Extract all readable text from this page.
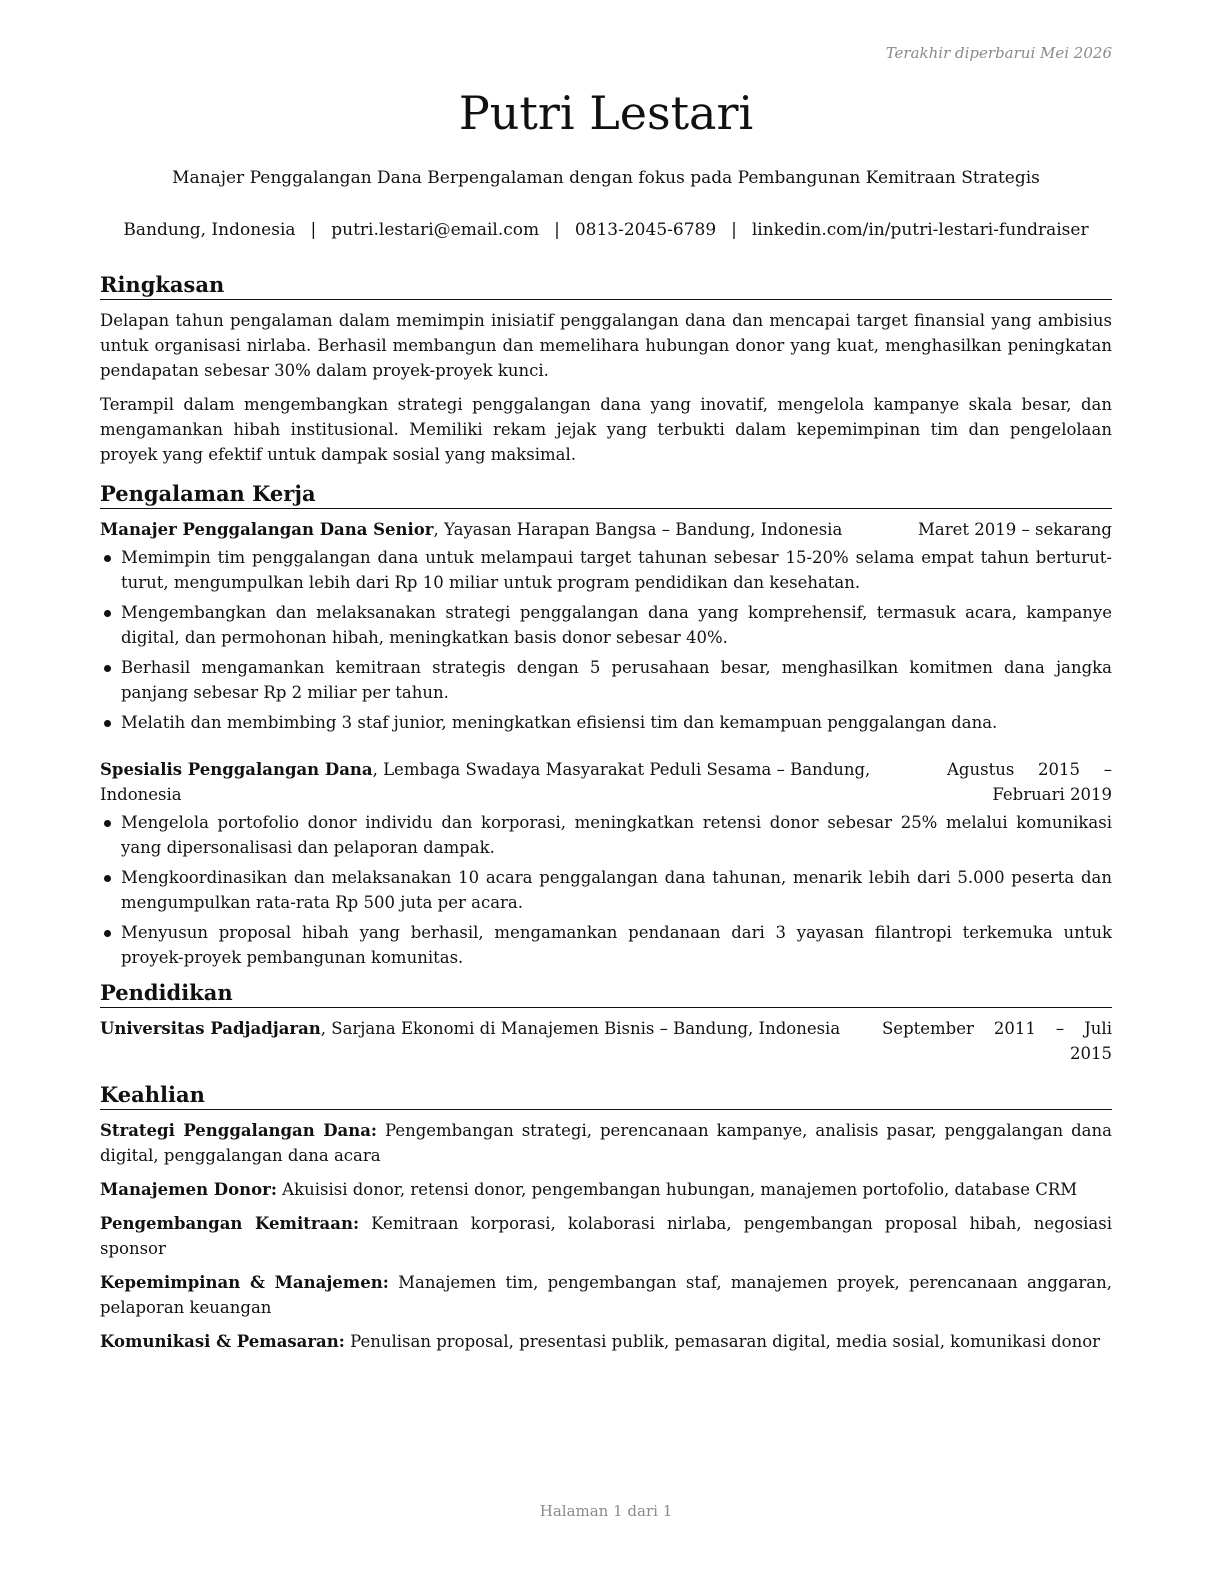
Terakhir diperbarui Mei 2026
Putri Lestari
Manajer Penggalangan Dana Berpengalaman dengan fokus pada Pembangunan Kemitraan Strategis
Bandung, Indonesia | putri.lestari@email.com | 0813-2045-6789 | linkedin.com/in/putri-lestari-fundraiser
Ringkasan

Delapan tahun pengalaman dalam memimpin inisiatif penggalangan dana dan mencapai target finansial yang ambisius untuk organisasi nirlaba. Berhasil membangun dan memelihara hubungan donor yang kuat, menghasilkan peningkatan pendapatan sebesar 30% dalam proyek-proyek kunci.

Terampil dalam mengembangkan strategi penggalangan dana yang inovatif, mengelola kampanye skala besar, dan mengamankan hibah institusional. Memiliki rekam jejak yang terbukti dalam kepemimpinan tim dan pengelolaan proyek yang efektif untuk dampak sosial yang maksimal.

Pengalaman Kerja
Manajer Penggalangan Dana Senior, Yayasan Harapan Bangsa – Bandung, Indonesia	Maret 2019 – sekarang
Memimpin tim penggalangan dana untuk melampaui target tahunan sebesar 15-20% selama empat tahun berturut-turut, mengumpulkan lebih dari Rp 10 miliar untuk program pendidikan dan kesehatan.
Mengembangkan dan melaksanakan strategi penggalangan dana yang komprehensif, termasuk acara, kampanye digital, dan permohonan hibah, meningkatkan basis donor sebesar 40%.
Berhasil mengamankan kemitraan strategis dengan 5 perusahaan besar, menghasilkan komitmen dana jangka panjang sebesar Rp 2 miliar per tahun.
Melatih dan membimbing 3 staf junior, meningkatkan efisiensi tim dan kemampuan penggalangan dana.
Spesialis Penggalangan Dana, Lembaga Swadaya Masyarakat Peduli Sesama – Bandung, Indonesia
Agustus 2015 – Februari 2019
Mengelola portofolio donor individu dan korporasi, meningkatkan retensi donor sebesar 25% melalui komunikasi yang dipersonalisasi dan pelaporan dampak.
Mengkoordinasikan dan melaksanakan 10 acara penggalangan dana tahunan, menarik lebih dari 5.000 peserta dan mengumpulkan rata-rata Rp 500 juta per acara.
Menyusun proposal hibah yang berhasil, mengamankan pendanaan dari 3 yayasan filantropi terkemuka untuk proyek-proyek pembangunan komunitas.
Pendidikan
Universitas Padjadjaran, Sarjana Ekonomi di Manajemen Bisnis – Bandung, Indonesia	September 2011 – Juli 2015
Keahlian

Strategi Penggalangan Dana: Pengembangan strategi, perencanaan kampanye, analisis pasar, penggalangan dana digital, penggalangan dana acara

Manajemen Donor: Akuisisi donor, retensi donor, pengembangan hubungan, manajemen portofolio, database CRM

Pengembangan Kemitraan: Kemitraan korporasi, kolaborasi nirlaba, pengembangan proposal hibah, negosiasi sponsor

Kepemimpinan & Manajemen: Manajemen tim, pengembangan staf, manajemen proyek, perencanaan anggaran, pelaporan keuangan

Komunikasi & Pemasaran: Penulisan proposal, presentasi publik, pemasaran digital, media sosial, komunikasi donor

Halaman 1 dari 1
